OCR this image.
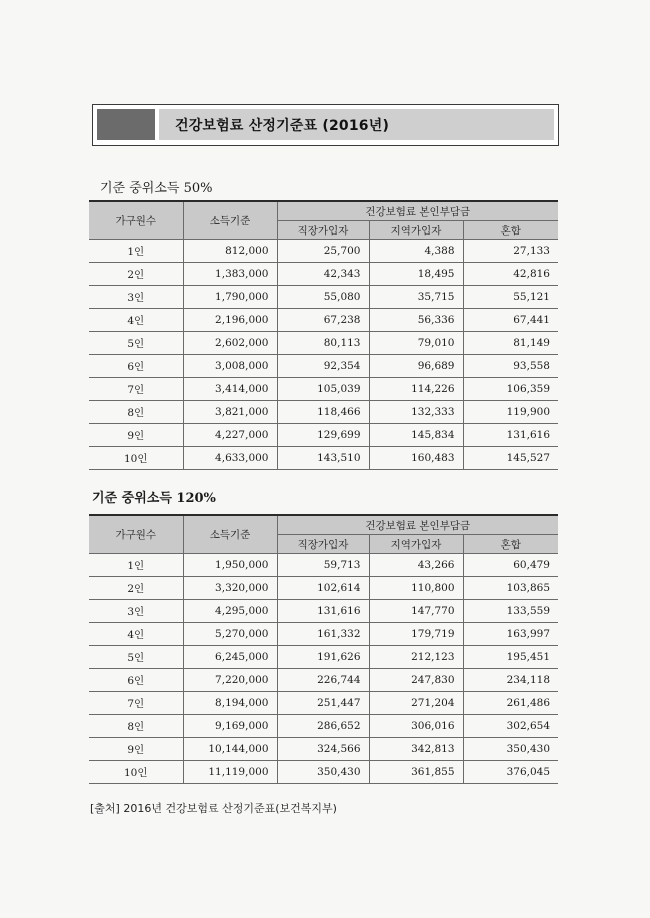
건강보험료 산정기준표 (2016년)
기준 중위소득 50%
가구원수	소득기준	건강보험료 본인부담금		
		직장가입자	지역가입자	혼합
1인	812,000	25,700	4,388	27,133
2인	1,383,000	42,343	18,495	42,816
3인	1,790,000	55,080	35,715	55,121
4인	2,196,000	67,238	56,336	67,441
5인	2,602,000	80,113	79,010	81,149
6인	3,008,000	92,354	96,689	93,558
7인	3,414,000	105,039	114,226	106,359
8인	3,821,000	118,466	132,333	119,900
9인	4,227,000	129,699	145,834	131,616
10인	4,633,000	143,510	160,483	145,527
기준 중위소득 120%
가구원수	소득기준	건강보험료 본인부담금		
		직장가입자	지역가입자	혼합
1인	1,950,000	59,713	43,266	60,479
2인	3,320,000	102,614	110,800	103,865
3인	4,295,000	131,616	147,770	133,559
4인	5,270,000	161,332	179,719	163,997
5인	6,245,000	191,626	212,123	195,451
6인	7,220,000	226,744	247,830	234,118
7인	8,194,000	251,447	271,204	261,486
8인	9,169,000	286,652	306,016	302,654
9인	10,144,000	324,566	342,813	350,430
10인	11,119,000	350,430	361,855	376,045
[출처] 2016년 건강보험료 산정기준표(보건복지부)
